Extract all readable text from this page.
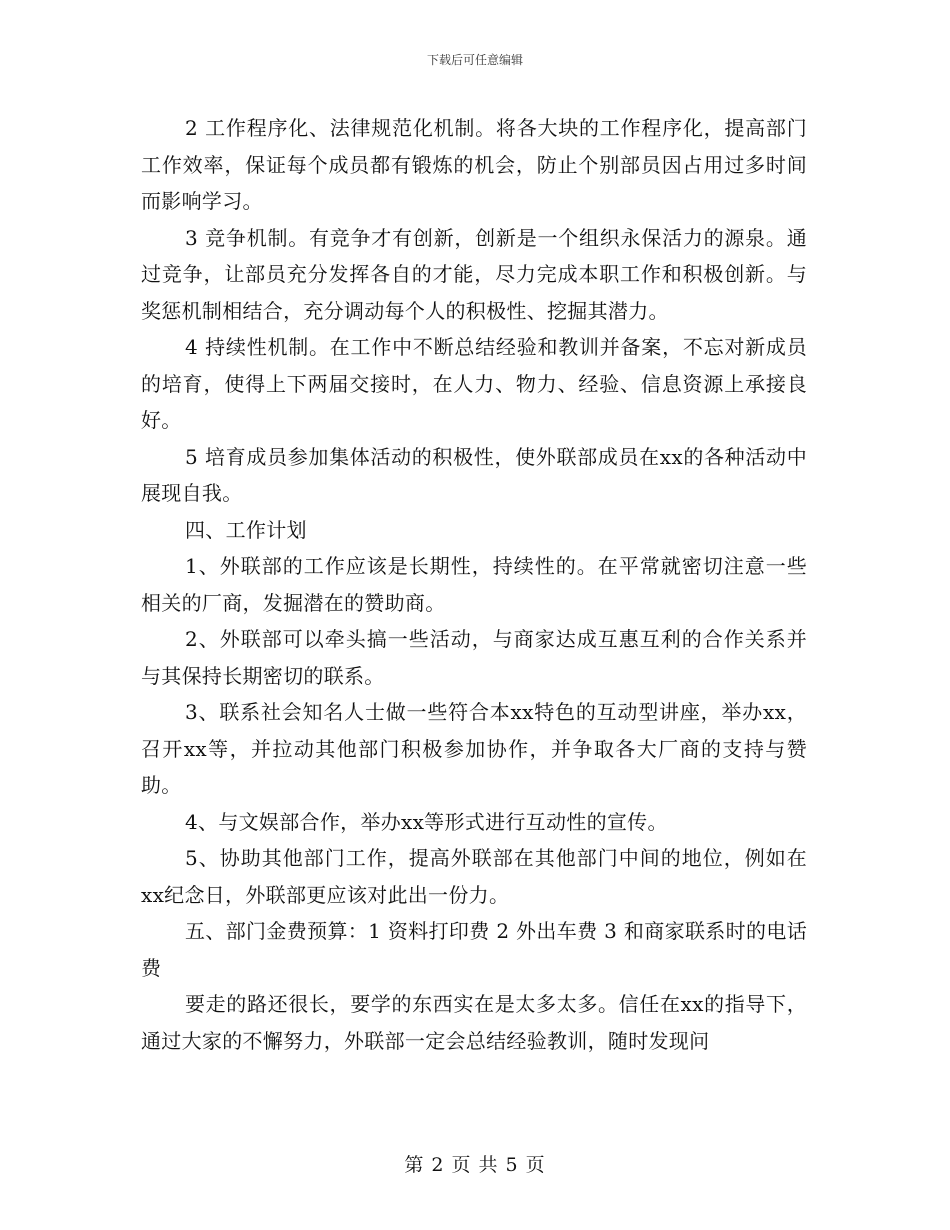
下载后可任意编辑

2 工作程序化、法律规范化机制。将各大块的工作程序化，提高部门工作效率，保证每个成员都有锻炼的机会，防止个别部员因占用过多时间而影响学习。

3 竞争机制。有竞争才有创新，创新是一个组织永保活力的源泉。通过竞争，让部员充分发挥各自的才能，尽力完成本职工作和积极创新。与奖惩机制相结合，充分调动每个人的积极性、挖掘其潜力。

4 持续性机制。在工作中不断总结经验和教训并备案，不忘对新成员的培育，使得上下两届交接时，在人力、物力、经验、信息资源上承接良好。

5 培育成员参加集体活动的积极性，使外联部成员在xx的各种活动中展现自我。

四、工作计划

1、外联部的工作应该是长期性，持续性的。在平常就密切注意一些相关的厂商，发掘潜在的赞助商。

2、外联部可以牵头搞一些活动，与商家达成互惠互利的合作关系并与其保持长期密切的联系。

3、联系社会知名人士做一些符合本xx特色的互动型讲座，举办xx，召开xx等，并拉动其他部门积极参加协作，并争取各大厂商的支持与赞助。

4、与文娱部合作，举办xx等形式进行互动性的宣传。

5、协助其他部门工作，提高外联部在其他部门中间的地位，例如在xx纪念日，外联部更应该对此出一份力。

五、部门金费预算：1 资料打印费 2 外出车费 3 和商家联系时的电话费

要走的路还很长，要学的东西实在是太多太多。信任在xx的指导下，通过大家的不懈努力，外联部一定会总结经验教训，随时发现问

第 2 页 共 5 页
